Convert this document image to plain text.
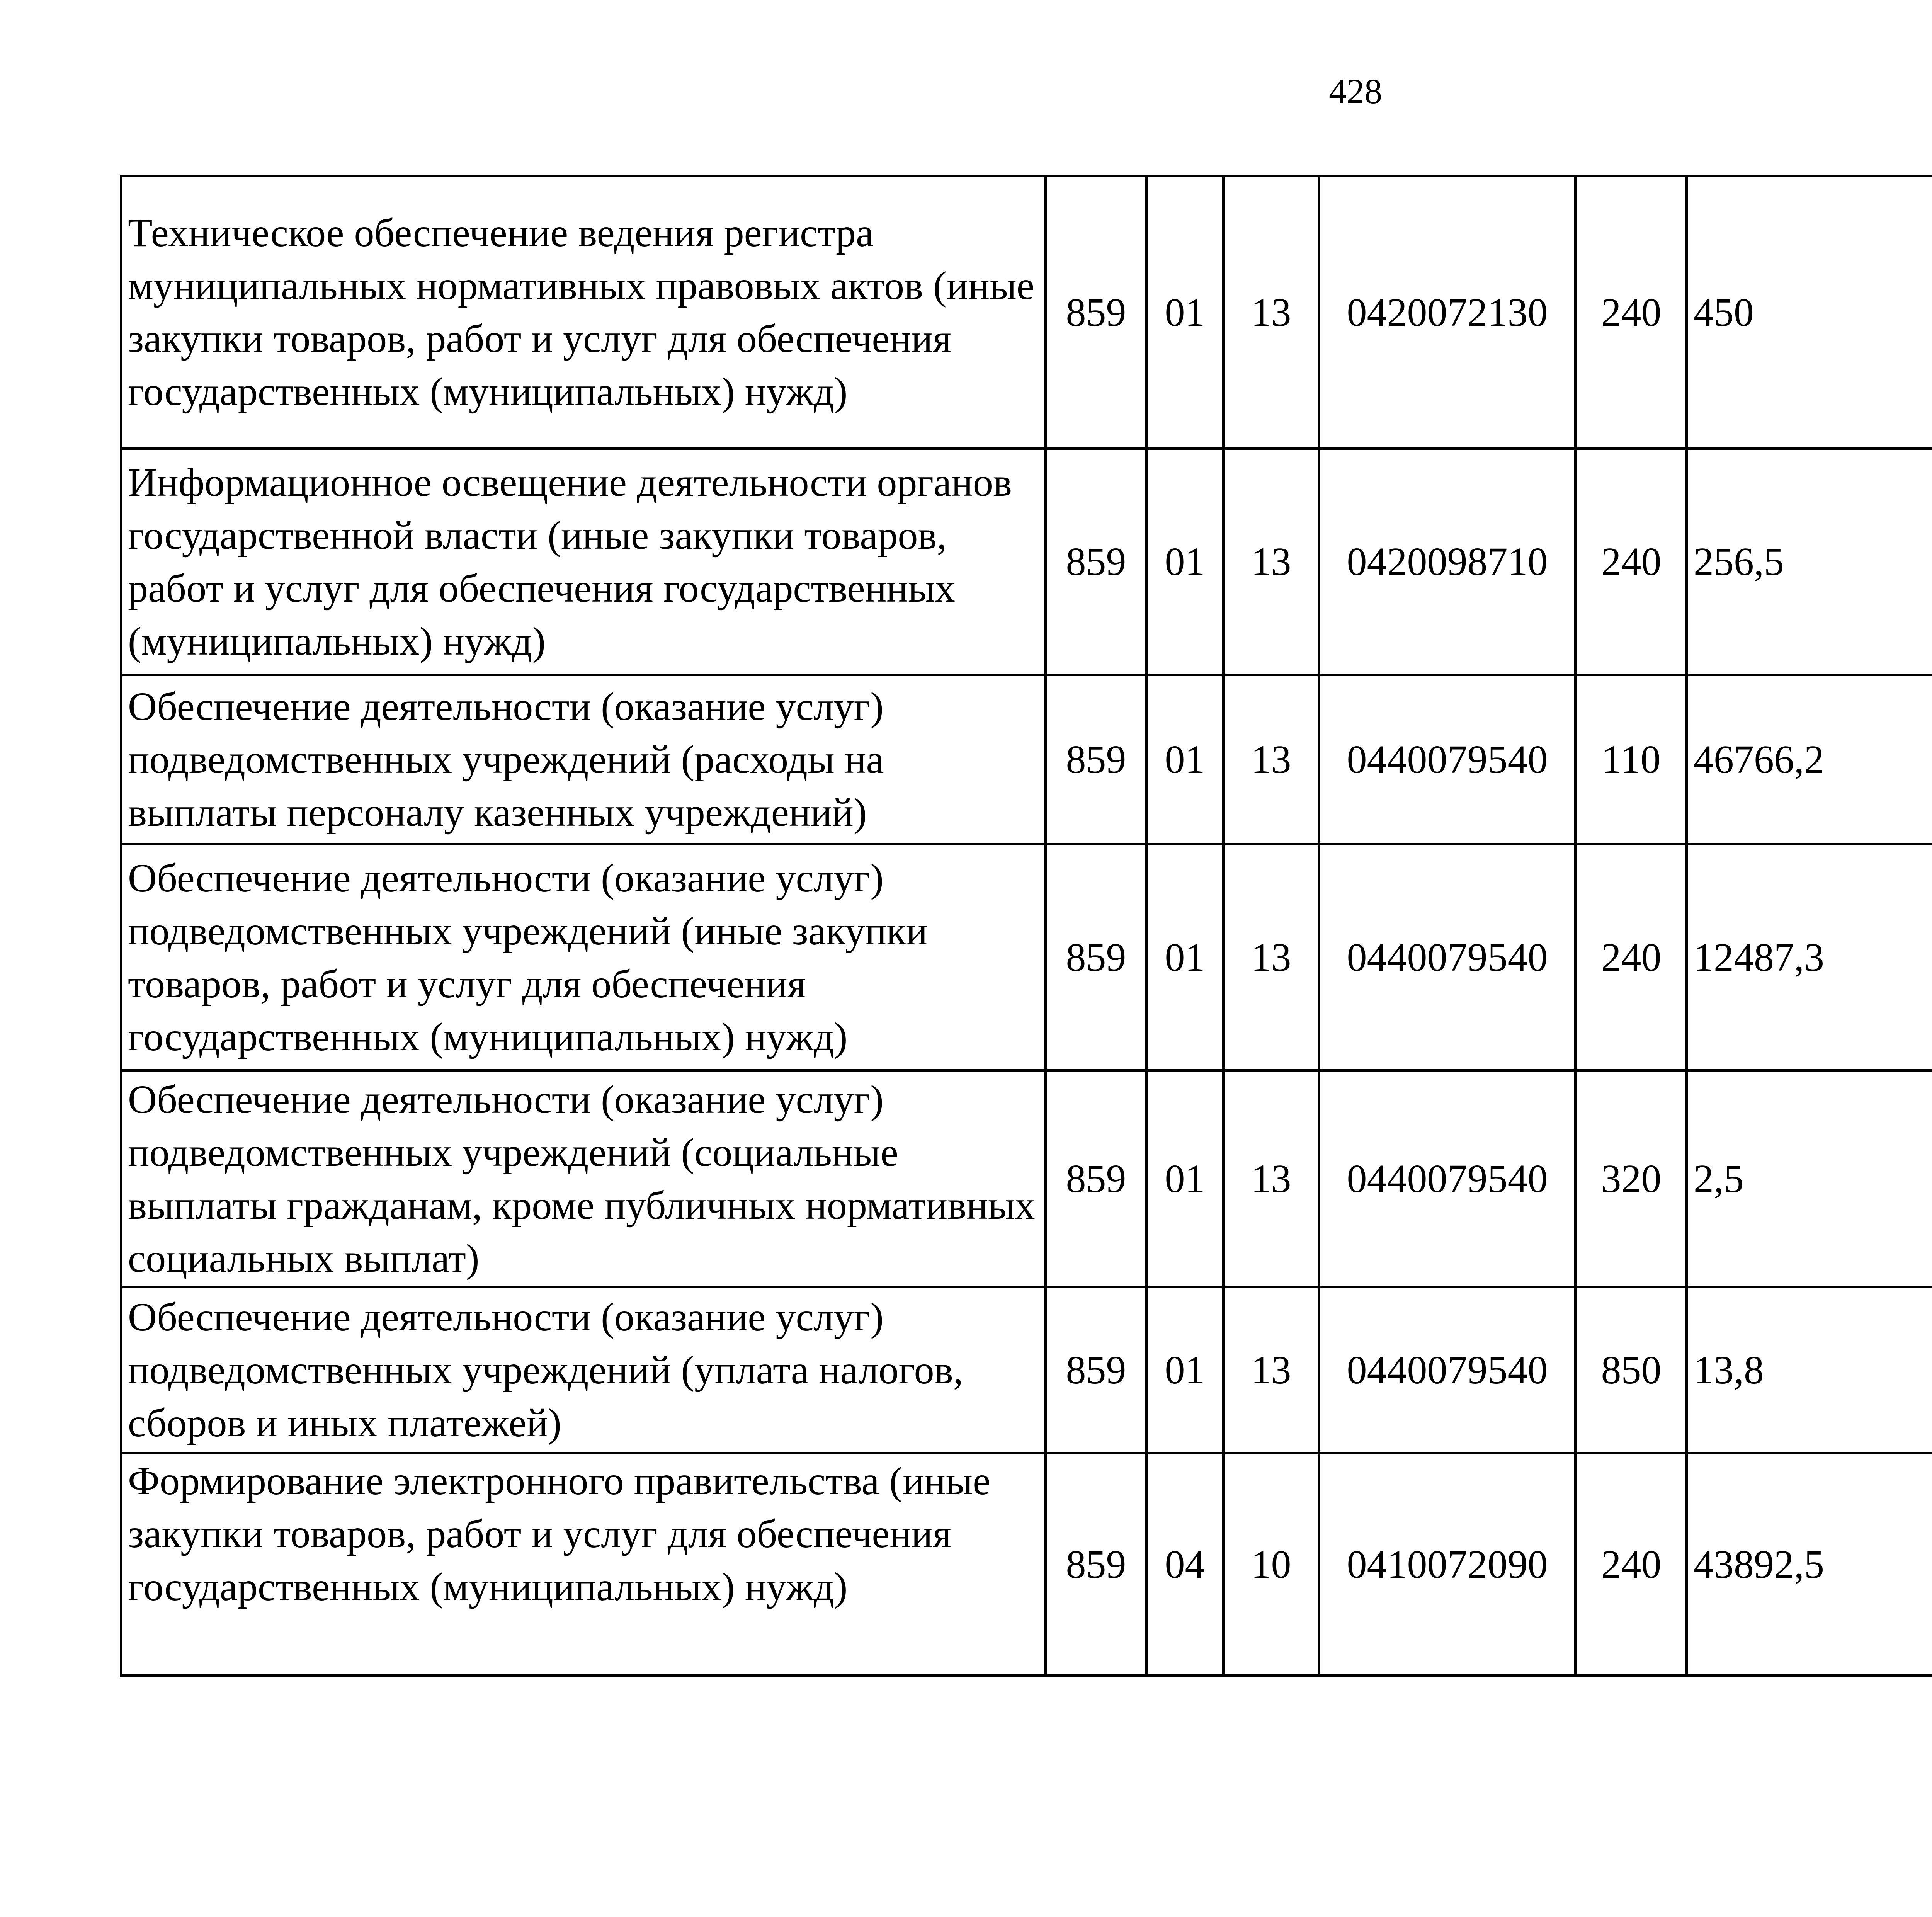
428
Техническое обеспечение ведения регистра муниципальных нормативных правовых актов (иные закупки товаров, работ и услуг для обеспечения государственных (муниципальных) нужд)	859	01	13	0420072130	240	450		
Информационное освещение деятельности органов государственной власти (иные закупки товаров, работ и услуг для обеспечения государственных (муниципальных) нужд)	859	01	13	0420098710	240	256,5		
Обеспечение деятельности (оказание услуг) подведомственных учреждений (расходы на выплаты персоналу казенных учреждений)	859	01	13	0440079540	110	46766,2		
Обеспечение деятельности (оказание услуг) подведомственных учреждений (иные закупки товаров, работ и услуг для обеспечения государственных (муниципальных) нужд)	859	01	13	0440079540	240	12487,3		
Обеспечение деятельности (оказание услуг) подведомственных учреждений (социальные выплаты гражданам, кроме публичных нормативных социальных выплат)	859	01	13	0440079540	320	2,5		
Обеспечение деятельности (оказание услуг) подведомственных учреждений (уплата налогов, сборов и иных платежей)	859	01	13	0440079540	850	13,8		
Формирование электронного правительства (иные закупки товаров, работ и услуг для обеспечения государственных (муниципальных) нужд)	859	04	10	0410072090	240	43892,5		
